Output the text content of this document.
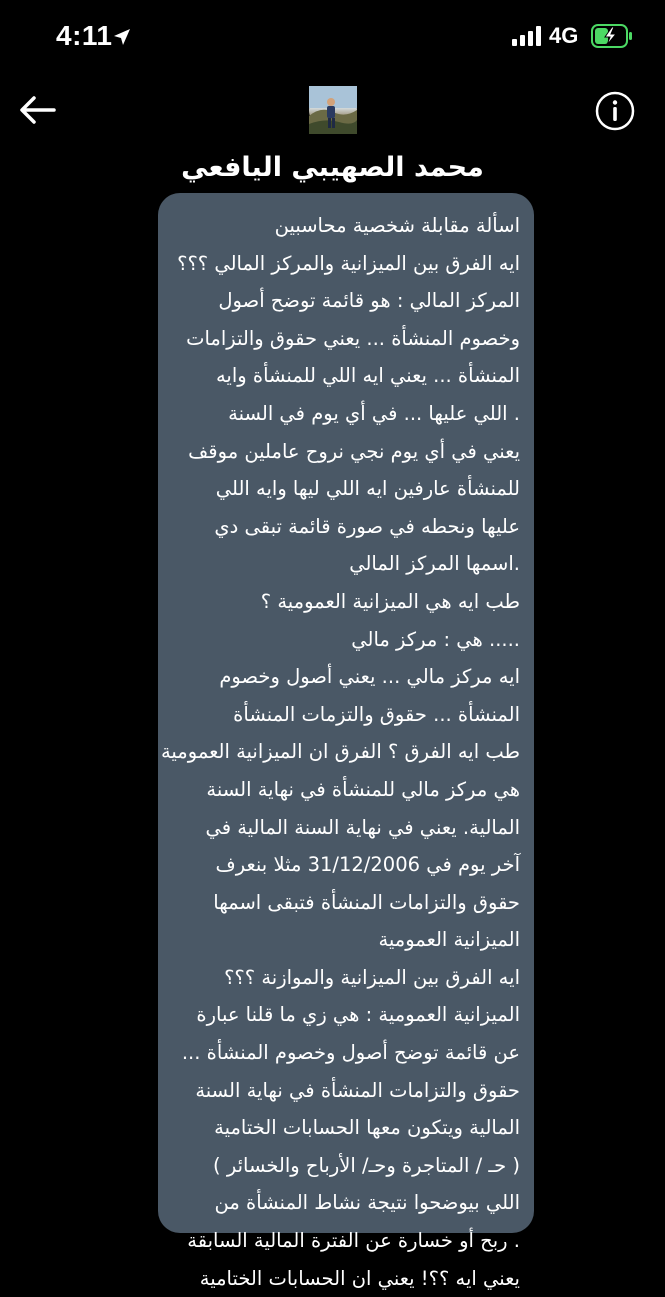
4:11	4G
محمد الصهيبي اليافعي
اسألة مقابلة شخصية محاسبين
ايه الفرق بين الميزانية والمركز المالي ؟؟؟
المركز المالي : هو قائمة توضح أصول
وخصوم المنشأة ... يعني حقوق والتزامات
المنشأة ... يعني ايه اللي للمنشأة وايه
. اللي عليها ... في أي يوم في السنة
يعني في أي يوم نجي نروح عاملين موقف
للمنشأة عارفين ايه اللي ليها وايه اللي
عليها ونحطه في صورة قائمة تبقى دي
.اسمها المركز المالي
طب ايه هي الميزانية العمومية ؟
..... هي : مركز مالي
ايه مركز مالي ... يعني أصول وخصوم
المنشأة ... حقوق والتزمات المنشأة
طب ايه الفرق ؟ الفرق ان الميزانية العمومية
هي مركز مالي للمنشأة في نهاية السنة
المالية. يعني في نهاية السنة المالية في
آخر يوم في 31/12/2006 مثلا بنعرف
حقوق والتزامات المنشأة فتبقى اسمها
الميزانية العمومية
ايه الفرق بين الميزانية والموازنة ؟؟؟
الميزانية العمومية : هي زي ما قلنا عبارة
عن قائمة توضح أصول وخصوم المنشأة ...
حقوق والتزامات المنشأة في نهاية السنة
المالية ويتكون معها الحسابات الختامية
( حـ / المتاجرة وحـ/ الأرباح والخسائر )
اللي بيوضحوا نتيجة نشاط المنشأة من
. ربح أو خسارة عن الفترة المالية السابقة
يعني ايه ؟؟! يعني ان الحسابات الختامية
